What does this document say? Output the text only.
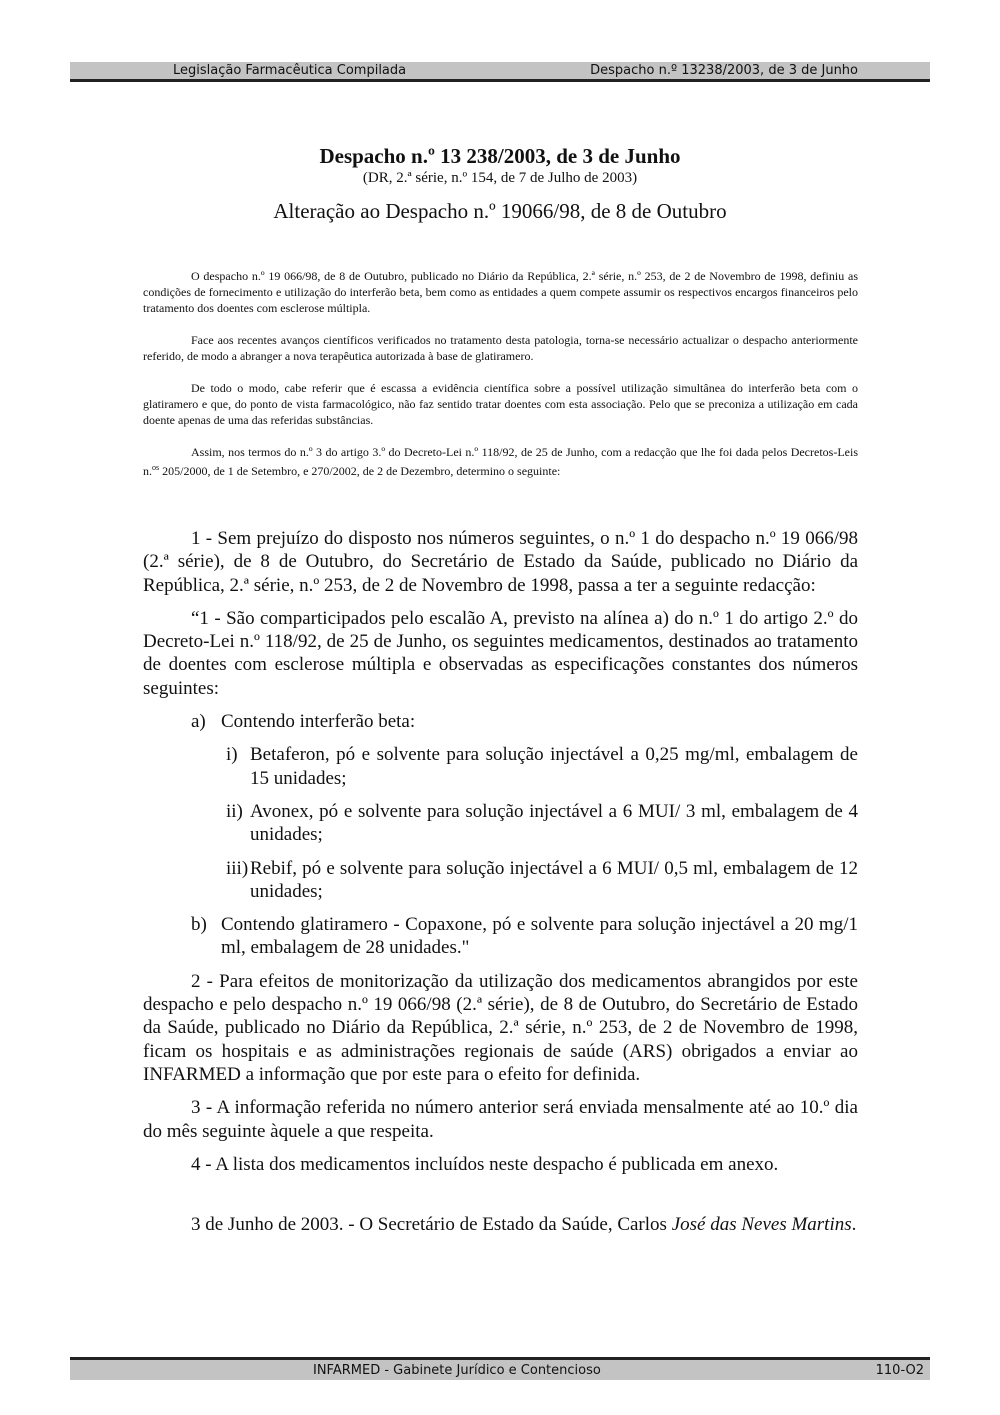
Legislação Farmacêutica Compilada	Despacho n.º 13238/2003, de 3 de Junho
Despacho n.º 13 238/2003, de 3 de Junho
(DR, 2.ª série, n.º 154, de 7 de Julho de 2003)
Alteração ao Despacho n.º 19066/98, de 8 de Outubro

O despacho n.º 19 066/98, de 8 de Outubro, publicado no Diário da República, 2.ª série, n.º 253, de 2 de Novembro de 1998, definiu as condições de fornecimento e utilização do interferão beta, bem como as entidades a quem compete assumir os respectivos encargos financeiros pelo tratamento dos doentes com esclerose múltipla.

Face aos recentes avanços científicos verificados no tratamento desta patologia, torna-se necessário actualizar o despacho anteriormente referido, de modo a abranger a nova terapêutica autorizada à base de glatiramero.

De todo o modo, cabe referir que é escassa a evidência científica sobre a possível utilização simultânea do interferão beta com o glatiramero e que, do ponto de vista farmacológico, não faz sentido tratar doentes com esta associação. Pelo que se preconiza a utilização em cada doente apenas de uma das referidas substâncias.

Assim, nos termos do n.º 3 do artigo 3.º do Decreto-Lei n.º 118/92, de 25 de Junho, com a redacção que lhe foi dada pelos Decretos-Leis n.$^{os}$ 205/2000, de 1 de Setembro, e 270/2002, de 2 de Dezembro, determino o seguinte:

1 - Sem prejuízo do disposto nos números seguintes, o n.º 1 do despacho n.º 19 066/98 (2.ª série), de 8 de Outubro, do Secretário de Estado da Saúde, publicado no Diário da República, 2.ª série, n.º 253, de 2 de Novembro de 1998, passa a ter a seguinte redacção:

“1 - São comparticipados pelo escalão A, previsto na alínea a) do n.º 1 do artigo 2.º do Decreto-Lei n.º 118/92, de 25 de Junho, os seguintes medicamentos, destinados ao tratamento de doentes com esclerose múltipla e observadas as especificações constantes dos números seguintes:

a) Contendo interferão beta:
i) Betaferon, pó e solvente para solução injectável a 0,25 mg/ml, embalagem de 15 unidades;
ii) Avonex, pó e solvente para solução injectável a 6 MUI/ 3 ml, embalagem de 4 unidades;
iii) Rebif, pó e solvente para solução injectável a 6 MUI/ 0,5 ml, embalagem de 12 unidades;
b) Contendo glatiramero - Copaxone, pó e solvente para solução injectável a 20 mg/1 ml, embalagem de 28 unidades."

2 - Para efeitos de monitorização da utilização dos medicamentos abrangidos por este despacho e pelo despacho n.º 19 066/98 (2.ª série), de 8 de Outubro, do Secretário de Estado da Saúde, publicado no Diário da República, 2.ª série, n.º 253, de 2 de Novembro de 1998, ficam os hospitais e as administrações regionais de saúde (ARS) obrigados a enviar ao INFARMED a informação que por este para o efeito for definida.

3 - A informação referida no número anterior será enviada mensalmente até ao 10.º dia do mês seguinte àquele a que respeita.

4 - A lista dos medicamentos incluídos neste despacho é publicada em anexo.

3 de Junho de 2003. - O Secretário de Estado da Saúde, Carlos José das Neves Martins.

INFARMED - Gabinete Jurídico e Contencioso	110-O2
